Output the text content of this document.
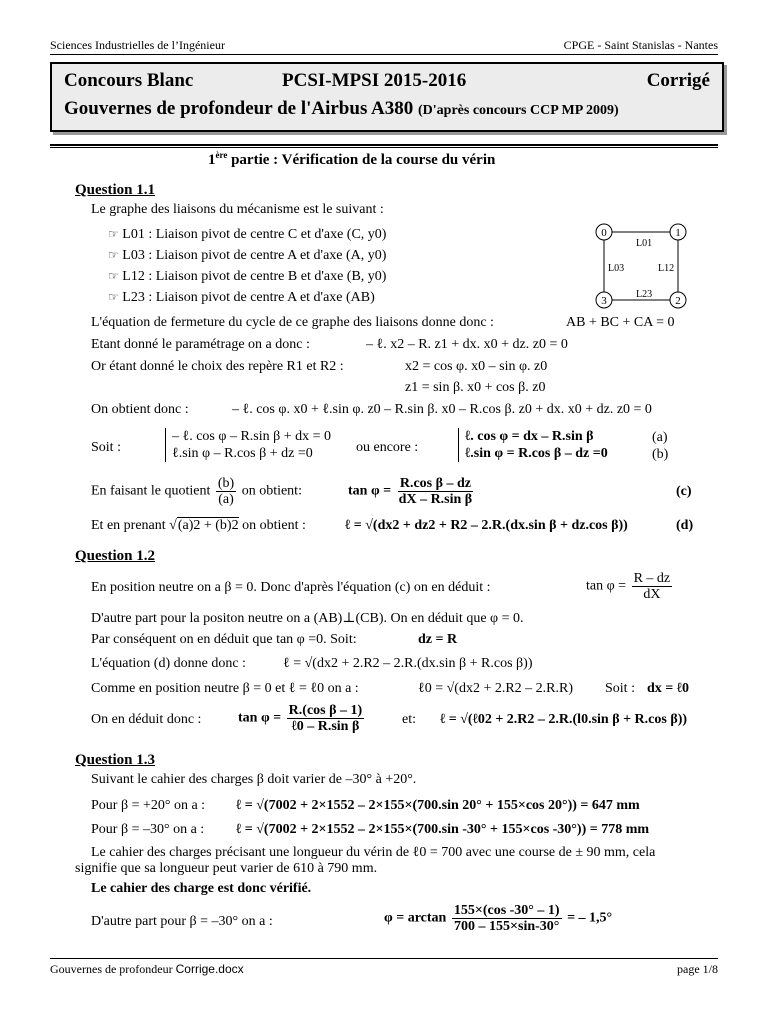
Sciences Industrielles de l’Ingénieur	CPGE - Saint Stanislas - Nantes
Concours Blanc	PCSI-MPSI 2015-2016	Corrigé
Gouvernes de profondeur de l'Airbus A380 (D'après concours CCP MP 2009)
1ère partie : Vérification de la course du vérin
Question 1.1
Le graphe des liaisons du mécanisme est le suivant :
☞ L01 : Liaison pivot de centre C et d'axe (C, y0)
☞ L03 : Liaison pivot de centre A et d'axe (A, y0)
☞ L12 : Liaison pivot de centre B et d'axe (B, y0)
☞ L23 : Liaison pivot de centre A et d'axe (AB)
0	1
2
3
L01
L03	L12
L23
L'équation de fermeture du cycle de ce graphe des liaisons donne donc :	AB + BC + CA = 0
Etant donné le paramétrage on a donc :	– ℓ. x2 – R. z1 + dx. x0 + dz. z0 = 0
Or étant donné le choix des repère R1 et R2 :	x2 = cos φ. x0 – sin φ. z0
z1 = sin β. x0 + cos β. z0
On obtient donc :	– ℓ. cos φ. x0 + ℓ.sin φ. z0 – R.sin β. x0 – R.cos β. z0 + dx. x0 + dz. z0 = 0
Soit :
– ℓ. cos φ – R.sin β + dx = 0
ℓ.sin φ – R.cos β + dz =0	ou encore :
ℓ. cos φ = dx – R.sin β
ℓ.sin φ = R.cos β – dz =0
(a)
(b)
En faisant le quotient $\frac{(b)}{(a)}$ on obtient:	$\tan \varphi = \frac{\text{R.cos β – dz}}{\text{dX – R.sin β}}$	(c)
Et en prenant √(a)2 + (b)2 on obtient :	ℓ = √(dx2 + dz2 + R2 – 2.R.(dx.sin β + dz.cos β))	(d)
Question 1.2
En position neutre on a β = 0. Donc d'après l'équation (c) on en déduit :	$\tan \varphi = \frac{R - dz}{dX}$
D'autre part pour la positon neutre on a (AB)⊥(CB). On en déduit que φ = 0.
Par conséquent on en déduit que tan φ =0. Soit:	dz = R
L'équation (d) donne donc :	ℓ = √(dx2 + 2.R2 – 2.R.(dx.sin β + R.cos β))
Comme en position neutre β = 0 et ℓ = ℓ0 on a :	ℓ0 = √(dx2 + 2.R2 – 2.R.R) Soit : dx = ℓ0
On en déduit donc :	$\tan \varphi = \frac{\text{R.(cos β – 1)}}{\text{ℓ0 – R.sin β}}$	et: ℓ = √(ℓ02 + 2.R2 – 2.R.(l0.sin β + R.cos β))
Question 1.3
Suivant le cahier des charges β doit varier de –30° à +20°.
Pour β = +20° on a : ℓ = √(7002 + 2×1552 – 2×155×(700.sin 20° + 155×cos 20°)) = 647 mm
Pour β = –30° on a : ℓ = √(7002 + 2×1552 – 2×155×(700.sin -30° + 155×cos -30°)) = 778 mm
Le cahier des charges précisant une longueur du vérin de ℓ0 = 700 avec une course de ± 90 mm, cela
signifie que sa longueur peut varier de 610 à 790 mm.
Le cahier des charge est donc vérifié.
D'autre part pour β = –30° on a :	$\varphi = \arctan \frac{155\times(\cos -30^\circ - 1)}{700 - 155\times\sin-30^\circ}$ = – 1,5°
Gouvernes de profondeur Corrige.docx	page 1/8
